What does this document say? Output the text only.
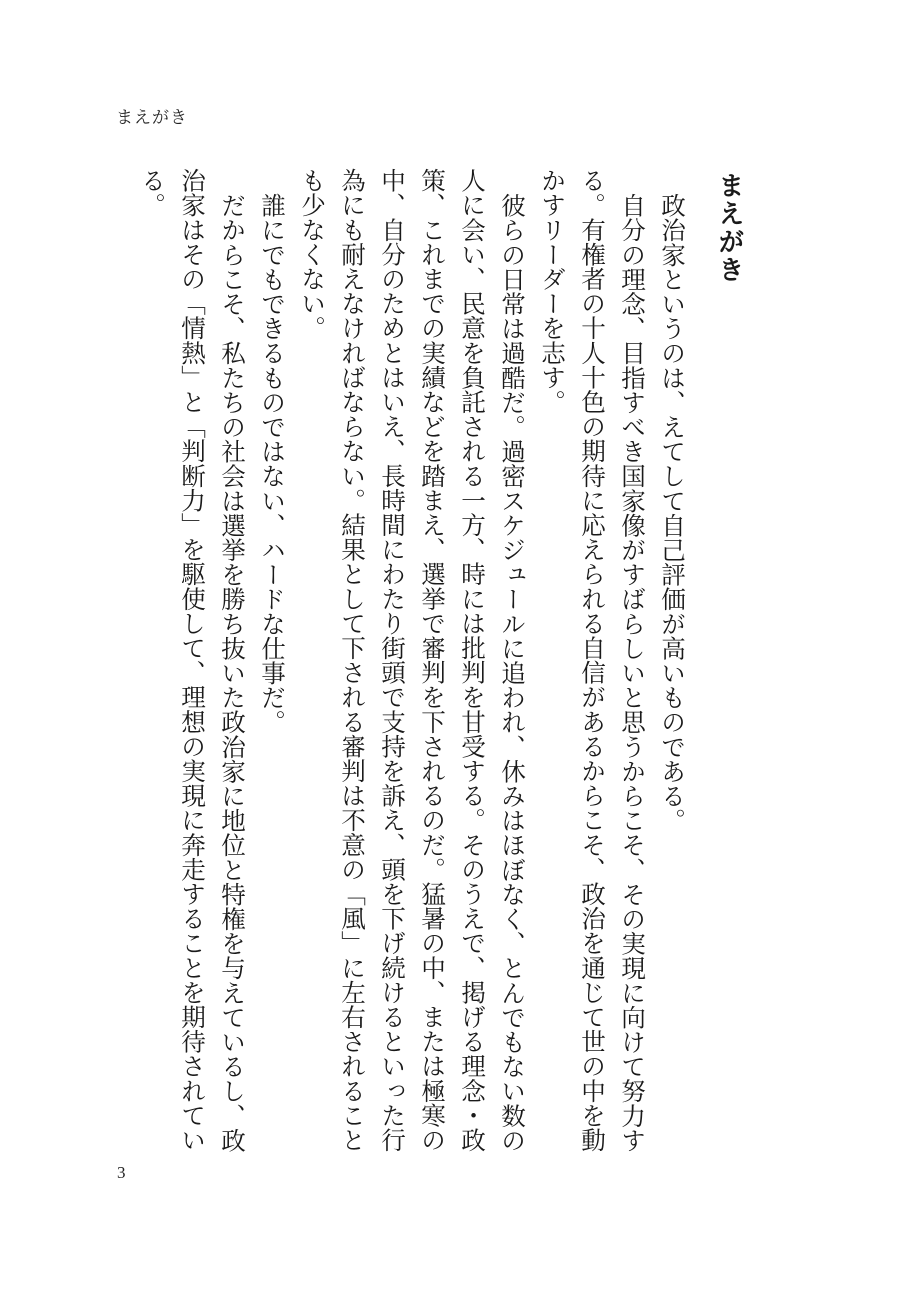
まえがき
まえがき

政治家というのは、えてして自己評価が高いものである。

自分の理念、目指すべき国家像がすばらしいと思うからこそ、その実現に向けて努力する。有権者の十人十色の期待に応えられる自信があるからこそ、政治を通じて世の中を動かすリーダーを志す。

彼らの日常は過酷だ。過密スケジュールに追われ、休みはほぼなく、とんでもない数の人に会い、民意を負託される一方、時には批判を甘受する。そのうえで、掲げる理念・政策、これまでの実績などを踏まえ、選挙で審判を下されるのだ。猛暑の中、または極寒の中、自分のためとはいえ、長時間にわたり街頭で支持を訴え、頭を下げ続けるといった行為にも耐えなければならない。結果として下される審判は不意の「風」に左右されることも少なくない。

誰にでもできるものではない、ハードな仕事だ。

だからこそ、私たちの社会は選挙を勝ち抜いた政治家に地位と特権を与えているし、政治家はその「情熱」と「判断力」を駆使して、理想の実現に奔走することを期待されている。

3
